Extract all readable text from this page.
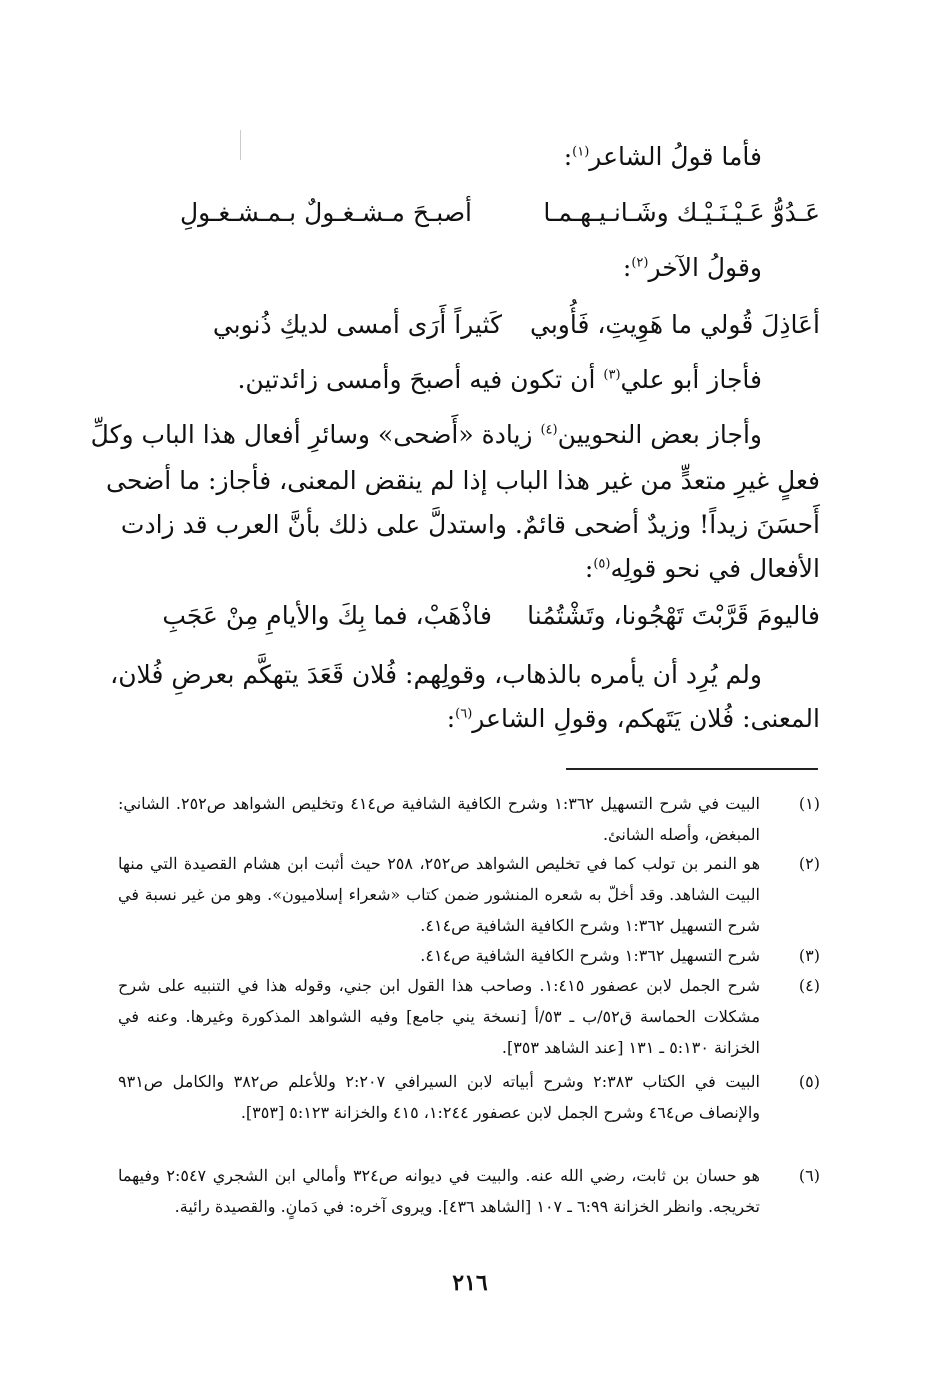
فأما قولُ الشاعر$^{(١)}$:
عَـدُوُّ عَـيْـنَـيْـك وشَـانـيـهـمـا
أصبـحَ مـشـغـولٌ بـمـشـغـولِ
وقولُ الآخر$^{(٢)}$:
أعَاذِلَ قُولي ما هَوِيتِ، فَأُوبي
كَثيراً أَرَى أمسى لديكِ ذُنوبي
فأجاز أبو علي$^{(٣)}$ أن تكون فيه أصبحَ وأمسى زائدتين.
وأجاز بعض النحويين$^{(٤)}$ زيادة «أَضحى» وسائرِ أفعال هذا الباب وكلِّ
فعلٍ غيرِ متعدٍّ من غير هذا الباب إذا لم ينقض المعنى، فأجاز: ما أضحى
أَحسَنَ زيداً! وزيدٌ أضحى قائمٌ. واستدلَّ على ذلك بأنَّ العرب قد زادت
الأفعال في نحو قولِه$^{(٥)}$:
فاليومَ قَرَّبْتَ تَهْجُونا، وتَشْتُمُنا
فاذْهَبْ، فما بِكَ والأيامِ مِنْ عَجَبِ
ولم يُرِد أن يأمره بالذهاب، وقولِهم: فُلان قَعَدَ يتهكَّم بعرضِ فُلان،
المعنى: فُلان يَتَهكم، وقولِ الشاعر$^{(٦)}$:
(١)
البيت في شرح التسهيل ١:٣٦٢ وشرح الكافية الشافية ص٤١٤ وتخليص الشواهد ص٢٥٢. الشاني: المبغض، وأصله الشانئ.
(٢)
هو النمر بن تولب كما في تخليص الشواهد ص٢٥٢، ٢٥٨ حيث أثبت ابن هشام القصيدة التي منها البيت الشاهد. وقد أخلّ به شعره المنشور ضمن كتاب «شعراء إسلاميون». وهو من غير نسبة في شرح التسهيل ١:٣٦٢ وشرح الكافية الشافية ص٤١٤.
(٣)
شرح التسهيل ١:٣٦٢ وشرح الكافية الشافية ص٤١٤.
(٤)
شرح الجمل لابن عصفور ١:٤١٥. وصاحب هذا القول ابن جني، وقوله هذا في التنبيه على شرح مشكلات الحماسة ق٥٢/ب ـ ٥٣/أ [نسخة يني جامع] وفيه الشواهد المذكورة وغيرها. وعنه في الخزانة ٥:١٣٠ ـ ١٣١ [عند الشاهد ٣٥٣].
(٥)
البيت في الكتاب ٢:٣٨٣ وشرح أبياته لابن السيرافي ٢:٢٠٧ وللأعلم ص٣٨٢ والكامل ص٩٣١ والإنصاف ص٤٦٤ وشرح الجمل لابن عصفور ١:٢٤٤، ٤١٥ والخزانة ٥:١٢٣ [٣٥٣].
(٦)
هو حسان بن ثابت، رضي الله عنه. والبيت في ديوانه ص٣٢٤ وأمالي ابن الشجري ٢:٥٤٧ وفيهما تخريجه. وانظر الخزانة ٦:٩٩ ـ ١٠٧ [الشاهد ٤٣٦]. ويروى آخره: في دَمانٍ. والقصيدة رائية.
٢١٦
